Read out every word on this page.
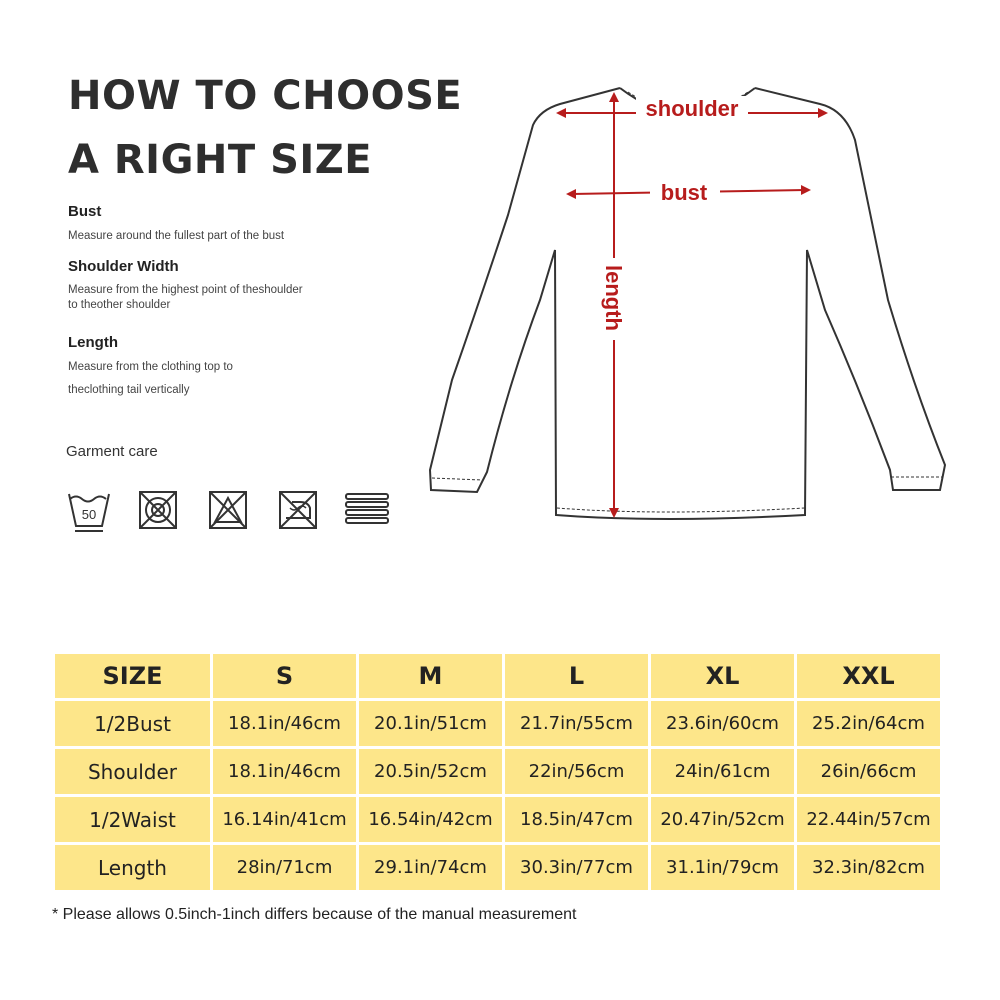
HOW TO CHOOSE
A RIGHT SIZE
Bust
Measure around the fullest part of the bust
Shoulder Width
Measure from the highest point of theshoulder
to theother shoulder
Length
Measure from the clothing top to
theclothing tail vertically
Garment care
50
shoulder
bust
length
SIZE	S	M	L	XL	XXL
1/2Bust	18.1in/46cm	20.1in/51cm	21.7in/55cm	23.6in/60cm	25.2in/64cm
Shoulder	18.1in/46cm	20.5in/52cm	22in/56cm	24in/61cm	26in/66cm
1/2Waist	16.14in/41cm	16.54in/42cm	18.5in/47cm	20.47in/52cm	22.44in/57cm
Length	28in/71cm	29.1in/74cm	30.3in/77cm	31.1in/79cm	32.3in/82cm
* Please allows 0.5inch-1inch differs because of the manual measurement
